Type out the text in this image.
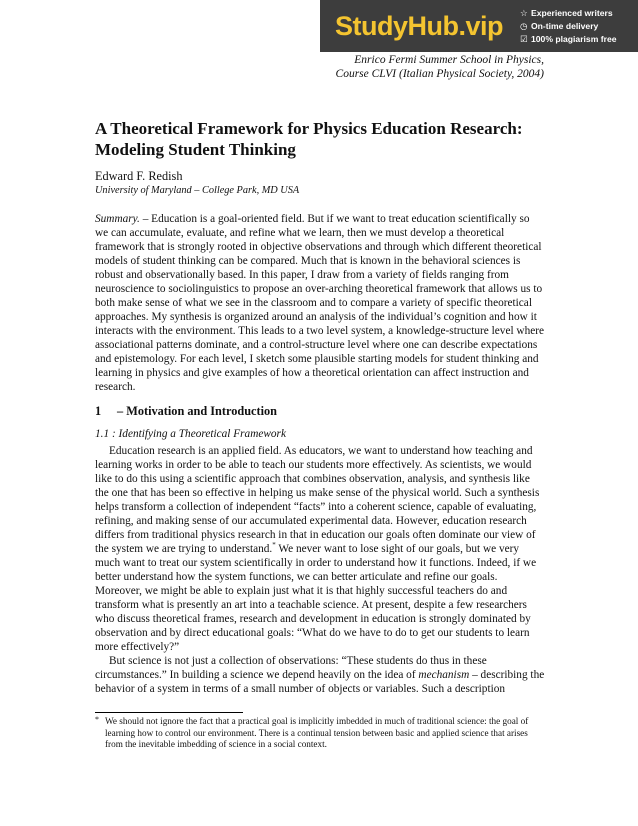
StudyHub.vip	☆ Experienced writers
◷ On-time delivery
☑ 100% plagiarism free
Enrico Fermi Summer School in Physics,
Course CLVI (Italian Physical Society, 2004)
A Theoretical Framework for Physics Education Research: Modeling Student Thinking
Edward F. Redish
University of Maryland – College Park, MD USA

Summary. – Education is a goal-oriented field. But if we want to treat education scientifically so we can accumulate, evaluate, and refine what we learn, then we must develop a theoretical framework that is strongly rooted in objective observations and through which different theoretical models of student thinking can be compared. Much that is known in the behavioral sciences is robust and observationally based. In this paper, I draw from a variety of fields ranging from neuroscience to sociolinguistics to propose an over-arching theoretical framework that allows us to both make sense of what we see in the classroom and to compare a variety of specific theoretical approaches. My synthesis is organized around an analysis of the individual’s cognition and how it interacts with the environment. This leads to a two level system, a knowledge-structure level where associational patterns dominate, and a control-structure level where one can describe expectations and epistemology. For each level, I sketch some plausible starting models for student thinking and learning in physics and give examples of how a theoretical orientation can affect instruction and research.

1 – Motivation and Introduction
1.1 : Identifying a Theoretical Framework

Education research is an applied field. As educators, we want to understand how teaching and learning works in order to be able to teach our students more effectively. As scientists, we would like to do this using a scientific approach that combines observation, analysis, and synthesis like the one that has been so effective in helping us make sense of the physical world. Such a synthesis helps transform a collection of independent “facts” into a coherent science, capable of evaluating, refining, and making sense of our accumulated experimental data. However, education research differs from traditional physics research in that in education our goals often dominate our view of the system we are trying to understand.* We never want to lose sight of our goals, but we very much want to treat our system scientifically in order to understand how it functions. Indeed, if we better understand how the system functions, we can better articulate and refine our goals. Moreover, we might be able to explain just what it is that highly successful teachers do and transform what is presently an art into a teachable science. At present, despite a few researchers who discuss theoretical frames, research and development in education is strongly dominated by observation and by direct educational goals: “What do we have to do to get our students to learn more effectively?”

But science is not just a collection of observations: “These students do thus in these circumstances.” In building a science we depend heavily on the idea of mechanism – describing the behavior of a system in terms of a small number of objects or variables. Such a description

* We should not ignore the fact that a practical goal is implicitly imbedded in much of traditional science: the goal of learning how to control our environment. There is a continual tension between basic and applied science that arises from the inevitable imbedding of science in a social context.
